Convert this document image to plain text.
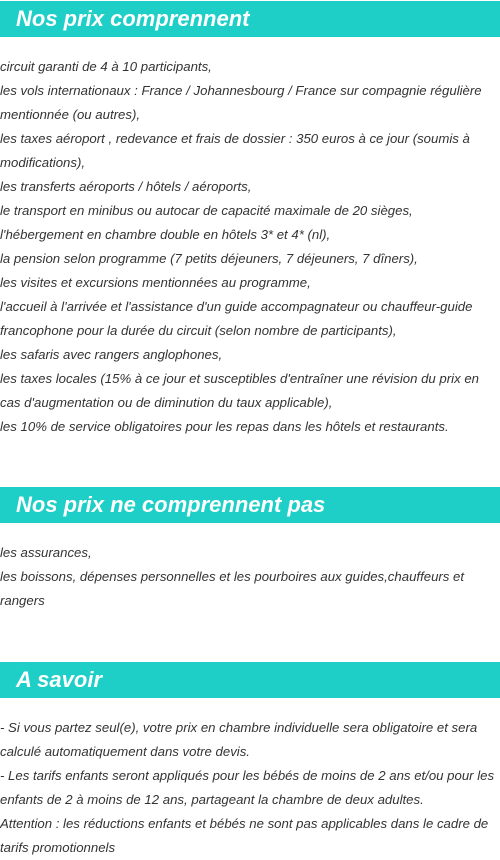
Nos prix comprennent
circuit garanti de 4 à 10 participants,
les vols internationaux : France / Johannesbourg / France sur compagnie régulière mentionnée (ou autres),
les taxes aéroport , redevance et frais de dossier : 350 euros à ce jour (soumis à modifications),
les transferts aéroports / hôtels / aéroports,
le transport en minibus ou autocar de capacité maximale de 20 sièges,
l'hébergement en chambre double en hôtels 3* et 4* (nl),
la pension selon programme (7 petits déjeuners, 7 déjeuners, 7 dîners),
les visites et excursions mentionnées au programme,
l'accueil à l'arrivée et l'assistance d'un guide accompagnateur ou chauffeur-guide francophone pour la durée du circuit (selon nombre de participants),
les safaris avec rangers anglophones,
les taxes locales (15% à ce jour et susceptibles d'entraîner une révision du prix en cas d'augmentation ou de diminution du taux applicable),
les 10% de service obligatoires pour les repas dans les hôtels et restaurants.
Nos prix ne comprennent pas
les assurances,
les boissons, dépenses personnelles et les pourboires aux guides,chauffeurs et rangers
A savoir
- Si vous partez seul(e), votre prix en chambre individuelle sera obligatoire et sera calculé automatiquement dans votre devis.
- Les tarifs enfants seront appliqués pour les bébés de moins de 2 ans et/ou pour les enfants de 2 à moins de 12 ans, partageant la chambre de deux adultes.
Attention : les réductions enfants et bébés ne sont pas applicables dans le cadre de tarifs promotionnels
